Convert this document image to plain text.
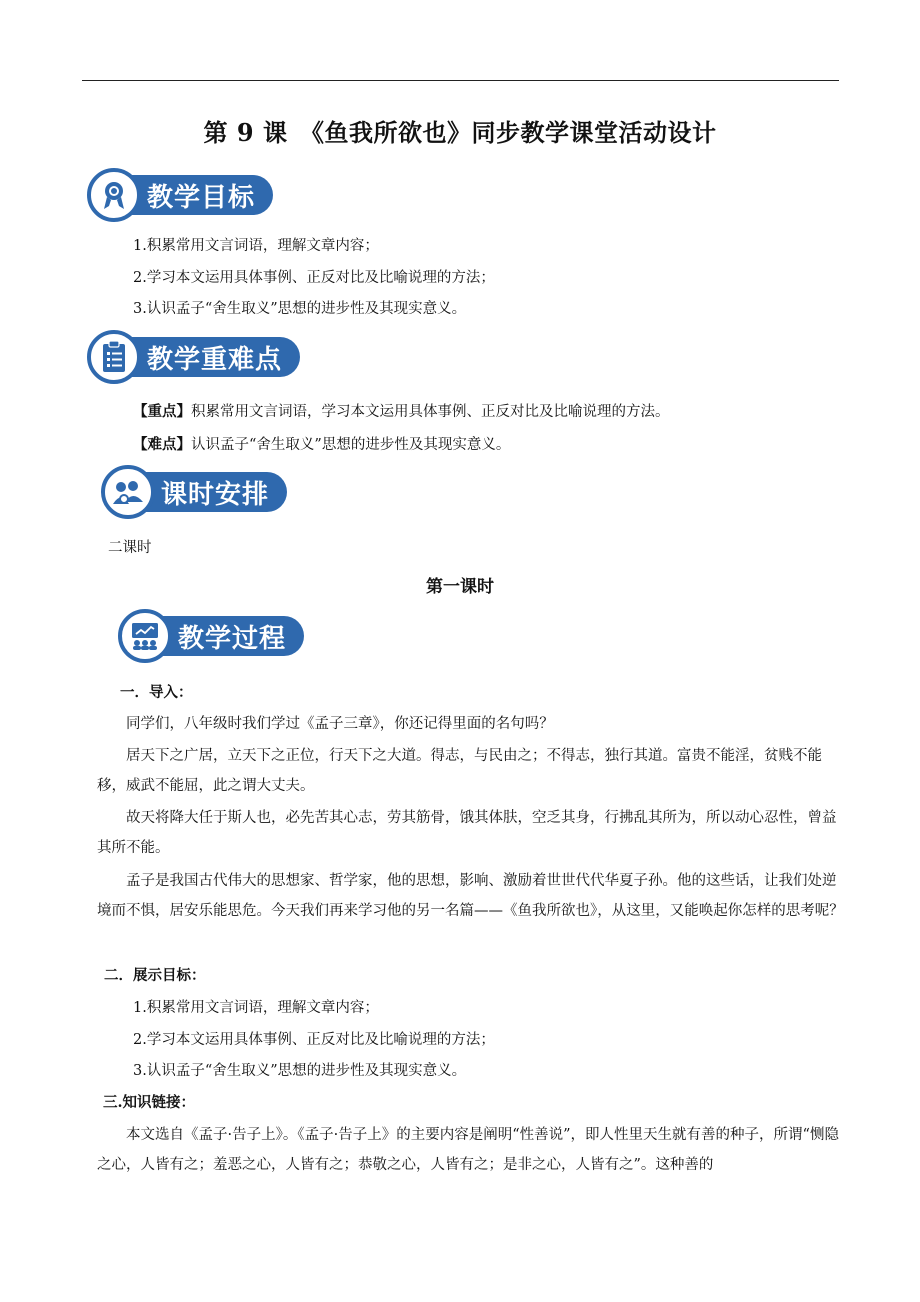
第 9 课　《鱼我所欲也》同步教学课堂活动设计
教学目标
1.积累常用文言词语，理解文章内容；
2.学习本文运用具体事例、正反对比及比喻说理的方法；
3.认识孟子“舍生取义”思想的进步性及其现实意义。
教学重难点
【重点】积累常用文言词语，学习本文运用具体事例、正反对比及比喻说理的方法。
【难点】认识孟子“舍生取义”思想的进步性及其现实意义。
课时安排
二课时
第一课时
教学过程
一．导入：
同学们，八年级时我们学过《孟子三章》，你还记得里面的名句吗？
居天下之广居，立天下之正位，行天下之大道。得志，与民由之；不得志，独行其道。富贵不能淫，贫贱不能移，威武不能屈，此之谓大丈夫。
故天将降大任于斯人也，必先苦其心志，劳其筋骨，饿其体肤，空乏其身，行拂乱其所为，所以动心忍性，曾益其所不能。
孟子是我国古代伟大的思想家、哲学家，他的思想，影响、激励着世世代代华夏子孙。他的这些话，让我们处逆境而不惧，居安乐能思危。今天我们再来学习他的另一名篇——《鱼我所欲也》，从这里，又能唤起你怎样的思考呢？
二．展示目标：
1.积累常用文言词语，理解文章内容；
2.学习本文运用具体事例、正反对比及比喻说理的方法；
3.认识孟子“舍生取义”思想的进步性及其现实意义。
三.知识链接：
本文选自《孟子·告子上》。《孟子·告子上》的主要内容是阐明“性善说”，即人性里天生就有善的种子，所谓“恻隐之心，人皆有之；羞恶之心，人皆有之；恭敬之心，人皆有之；是非之心，人皆有之”。这种善的
